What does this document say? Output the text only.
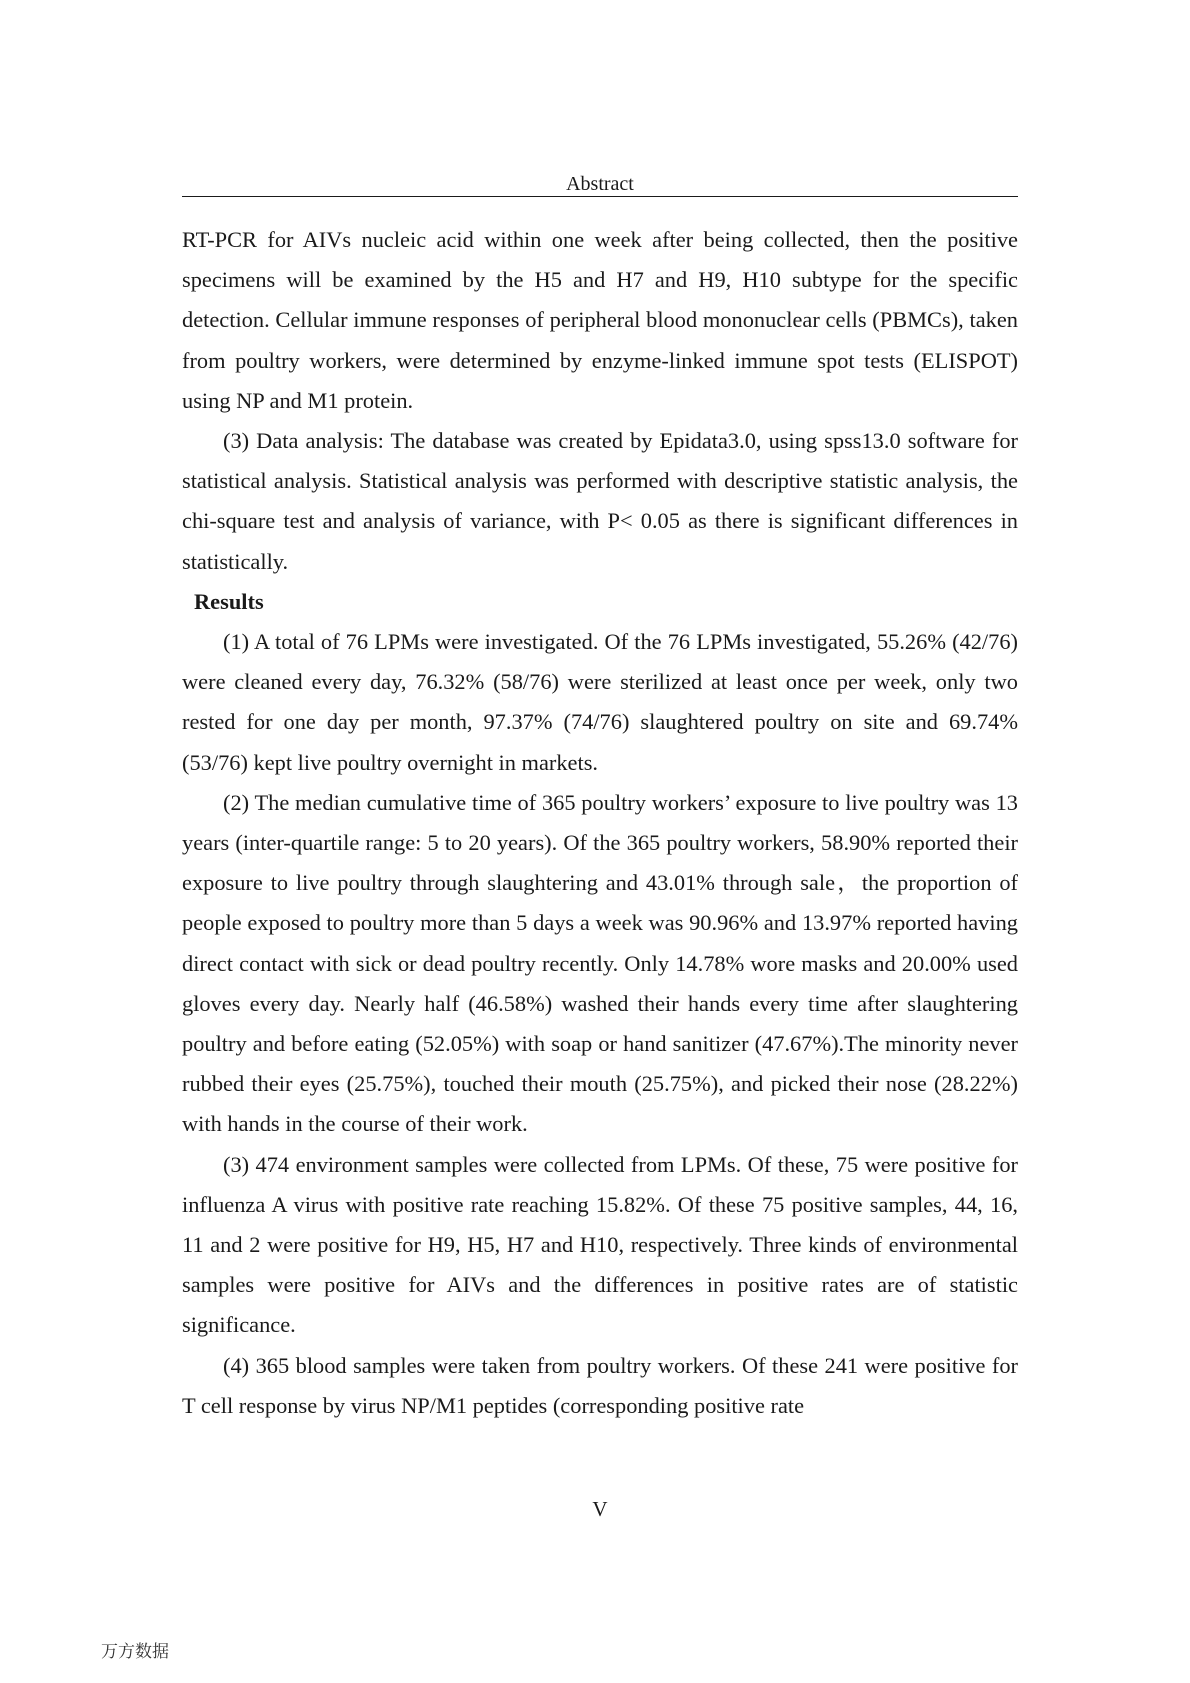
Abstract

RT-PCR for AIVs nucleic acid within one week after being collected, then the positive specimens will be examined by the H5 and H7 and H9, H10 subtype for the specific detection. Cellular immune responses of peripheral blood mononuclear cells (PBMCs), taken from poultry workers, were determined by enzyme-linked immune spot tests (ELISPOT) using NP and M1 protein.

(3) Data analysis: The database was created by Epidata3.0, using spss13.0 software for statistical analysis. Statistical analysis was performed with descriptive statistic analysis, the chi-square test and analysis of variance, with P< 0.05 as there is significant differences in statistically.

Results

(1) A total of 76 LPMs were investigated. Of the 76 LPMs investigated, 55.26% (42/76) were cleaned every day, 76.32% (58/76) were sterilized at least once per week, only two rested for one day per month, 97.37% (74/76) slaughtered poultry on site and 69.74% (53/76) kept live poultry overnight in markets.

(2) The median cumulative time of 365 poultry workers’ exposure to live poultry was 13 years (inter-quartile range: 5 to 20 years). Of the 365 poultry workers, 58.90% reported their exposure to live poultry through slaughtering and 43.01% through sale，the proportion of people exposed to poultry more than 5 days a week was 90.96% and 13.97% reported having direct contact with sick or dead poultry recently. Only 14.78% wore masks and 20.00% used gloves every day. Nearly half (46.58%) washed their hands every time after slaughtering poultry and before eating (52.05%) with soap or hand sanitizer (47.67%).The minority never rubbed their eyes (25.75%), touched their mouth (25.75%), and picked their nose (28.22%) with hands in the course of their work.

(3) 474 environment samples were collected from LPMs. Of these, 75 were positive for influenza A virus with positive rate reaching 15.82%. Of these 75 positive samples, 44, 16, 11 and 2 were positive for H9, H5, H7 and H10, respectively. Three kinds of environmental samples were positive for AIVs and the differences in positive rates are of statistic significance.

(4) 365 blood samples were taken from poultry workers. Of these 241 were positive for T cell response by virus NP/M1 peptides (corresponding positive rate

V
万方数据
